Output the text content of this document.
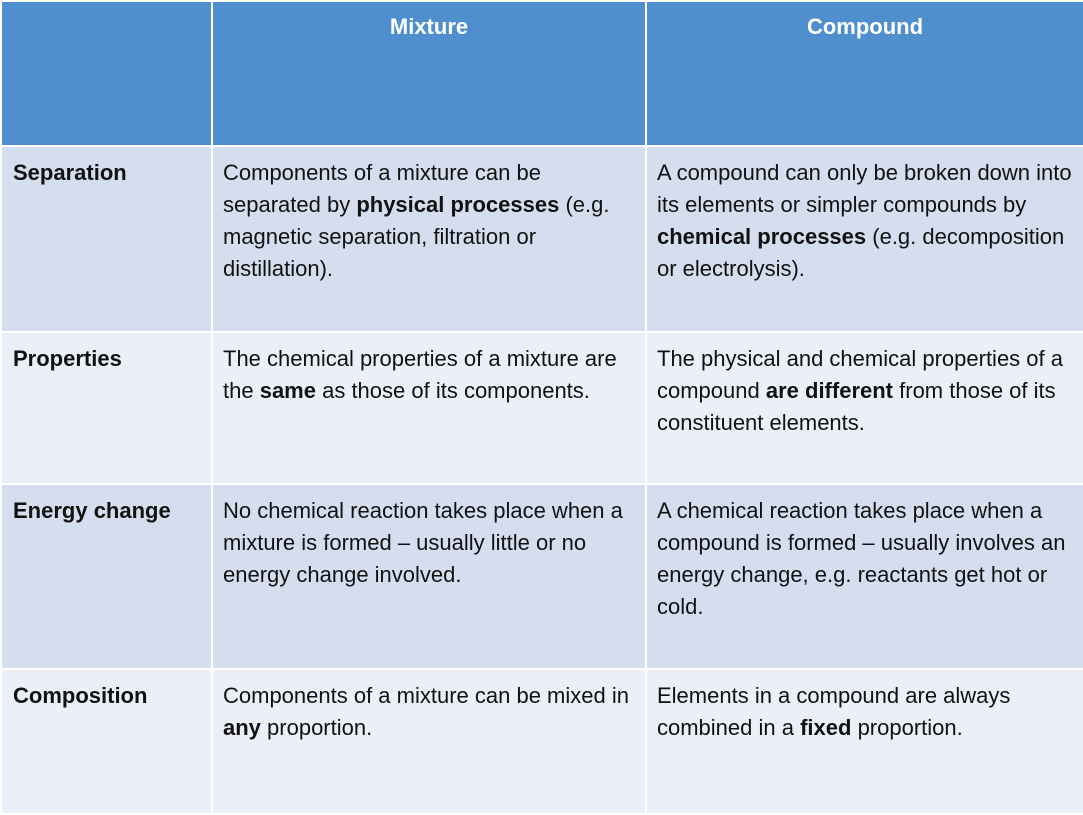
	Mixture	Compound
Separation	Components of a mixture can be separated by physical processes (e.g. magnetic separation, filtration or distillation).	A compound can only be broken down into its elements or simpler compounds by chemical processes (e.g. decomposition or electrolysis).
Properties	The chemical properties of a mixture are the same as those of its components.	The physical and chemical properties of a compound are different from those of its constituent elements.
Energy change	No chemical reaction takes place when a mixture is formed – usually little or no energy change involved.	A chemical reaction takes place when a compound is formed – usually involves an energy change, e.g. reactants get hot or cold.
Composition	Components of a mixture can be mixed in any proportion.	Elements in a compound are always combined in a fixed proportion.
